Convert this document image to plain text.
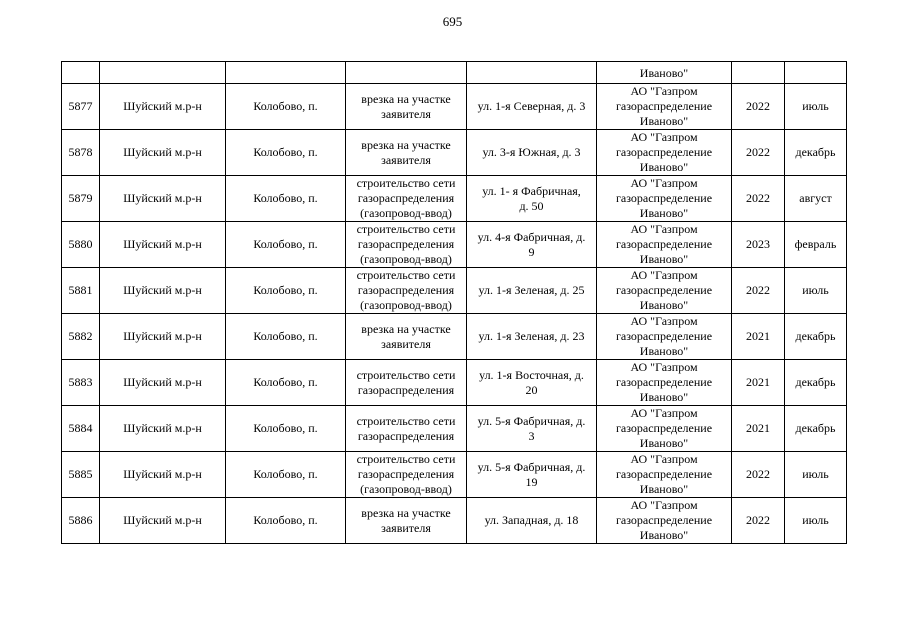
695

					Иваново"		

5877	Шуйский м.р-н	Колобово, п.	врезка на участке
заявителя	ул. 1-я Северная, д. 3	АО "Газпром
газораспределение
Иваново"	2022	июль

5878	Шуйский м.р-н	Колобово, п.	врезка на участке
заявителя	ул. 3-я Южная, д. 3	АО "Газпром
газораспределение
Иваново"	2022	декабрь

5879	Шуйский м.р-н	Колобово, п.	строительство сети
газораспределения
(газопровод-ввод)	ул. 1- я Фабричная,
д. 50	АО "Газпром
газораспределение
Иваново"	2022	август

5880	Шуйский м.р-н	Колобово, п.	строительство сети
газораспределения
(газопровод-ввод)	ул. 4-я Фабричная, д.
9	АО "Газпром
газораспределение
Иваново"	2023	февраль

5881	Шуйский м.р-н	Колобово, п.	строительство сети
газораспределения
(газопровод-ввод)	ул. 1-я Зеленая, д. 25	АО "Газпром
газораспределение
Иваново"	2022	июль

5882	Шуйский м.р-н	Колобово, п.	врезка на участке
заявителя	ул. 1-я Зеленая, д. 23	АО "Газпром
газораспределение
Иваново"	2021	декабрь

5883	Шуйский м.р-н	Колобово, п.	строительство сети
газораспределения	ул. 1-я Восточная, д.
20	АО "Газпром
газораспределение
Иваново"	2021	декабрь

5884	Шуйский м.р-н	Колобово, п.	строительство сети
газораспределения	ул. 5-я Фабричная, д.
3	АО "Газпром
газораспределение
Иваново"	2021	декабрь

5885	Шуйский м.р-н	Колобово, п.	строительство сети
газораспределения
(газопровод-ввод)	ул. 5-я Фабричная, д.
19	АО "Газпром
газораспределение
Иваново"	2022	июль

5886	Шуйский м.р-н	Колобово, п.	врезка на участке
заявителя	ул. Западная, д. 18	АО "Газпром
газораспределение
Иваново"	2022	июль
